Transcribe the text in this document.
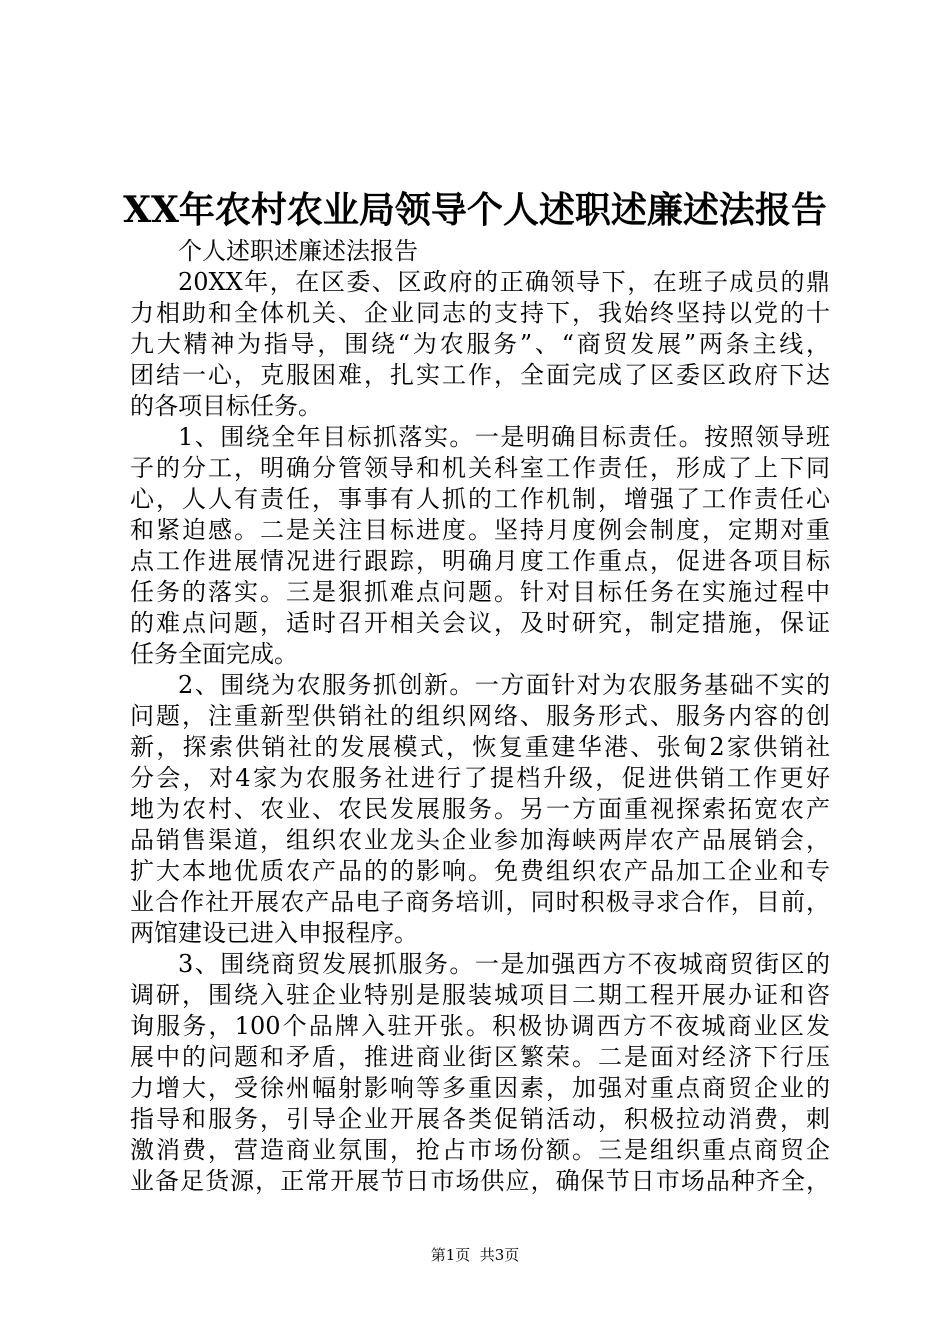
XX年农村农业局领导个人述职述廉述法报告
个人述职述廉述法报告
20XX年，在区委、区政府的正确领导下，在班子成员的鼎
力相助和全体机关、企业同志的支持下，我始终坚持以党的十
九大精神为指导，围绕“为农服务”、“商贸发展”两条主线，
团结一心，克服困难，扎实工作，全面完成了区委区政府下达
的各项目标任务。
1、围绕全年目标抓落实。一是明确目标责任。按照领导班
子的分工，明确分管领导和机关科室工作责任，形成了上下同
心，人人有责任，事事有人抓的工作机制，增强了工作责任心
和紧迫感。二是关注目标进度。坚持月度例会制度，定期对重
点工作进展情况进行跟踪，明确月度工作重点，促进各项目标
任务的落实。三是狠抓难点问题。针对目标任务在实施过程中
的难点问题，适时召开相关会议，及时研究，制定措施，保证
任务全面完成。
2、围绕为农服务抓创新。一方面针对为农服务基础不实的
问题，注重新型供销社的组织网络、服务形式、服务内容的创
新，探索供销社的发展模式，恢复重建华港、张甸2家供销社
分会，对4家为农服务社进行了提档升级，促进供销工作更好
地为农村、农业、农民发展服务。另一方面重视探索拓宽农产
品销售渠道，组织农业龙头企业参加海峡两岸农产品展销会，
扩大本地优质农产品的的影响。免费组织农产品加工企业和专
业合作社开展农产品电子商务培训，同时积极寻求合作，目前，
两馆建设已进入申报程序。
3、围绕商贸发展抓服务。一是加强西方不夜城商贸街区的
调研，围绕入驻企业特别是服装城项目二期工程开展办证和咨
询服务，100个品牌入驻开张。积极协调西方不夜城商业区发
展中的问题和矛盾，推进商业街区繁荣。二是面对经济下行压
力增大，受徐州幅射影响等多重因素，加强对重点商贸企业的
指导和服务，引导企业开展各类促销活动，积极拉动消费，刺
激消费，营造商业氛围，抢占市场份额。三是组织重点商贸企
业备足货源，正常开展节日市场供应，确保节日市场品种齐全，
第1页  共3页
